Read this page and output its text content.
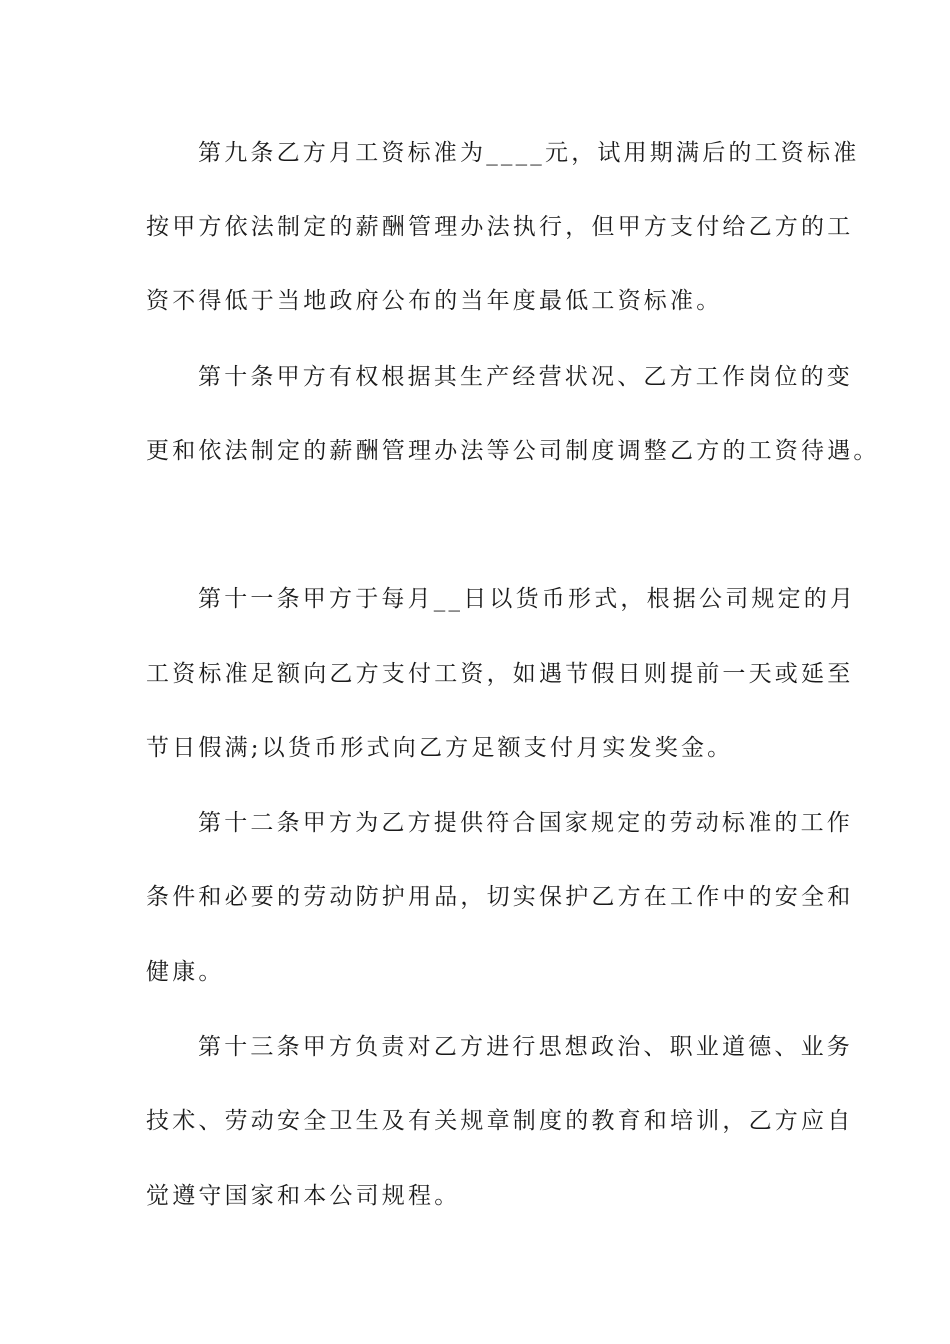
第九条乙方月工资标准为____元，试用期满后的工资标准
按甲方依法制定的薪酬管理办法执行，但甲方支付给乙方的工
资不得低于当地政府公布的当年度最低工资标准。
第十条甲方有权根据其生产经营状况、乙方工作岗位的变
更和依法制定的薪酬管理办法等公司制度调整乙方的工资待遇。
第十一条甲方于每月__日以货币形式，根据公司规定的月
工资标准足额向乙方支付工资，如遇节假日则提前一天或延至
节日假满;以货币形式向乙方足额支付月实发奖金。
第十二条甲方为乙方提供符合国家规定的劳动标准的工作
条件和必要的劳动防护用品，切实保护乙方在工作中的安全和
健康。
第十三条甲方负责对乙方进行思想政治、职业道德、业务
技术、劳动安全卫生及有关规章制度的教育和培训，乙方应自
觉遵守国家和本公司规程。
